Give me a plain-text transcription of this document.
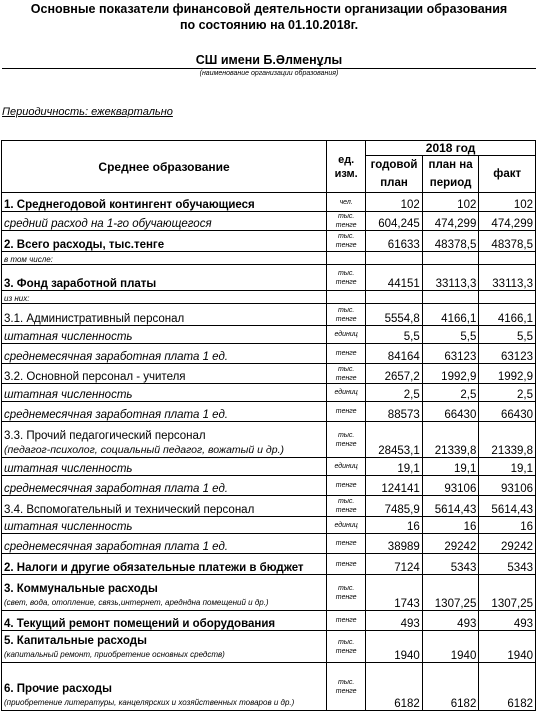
Основные показатели финансовой деятельности организации образования
по состоянию на 01.10.2018г.
СШ имени Б.Әлменұлы
(наименование организации образования)
Периодичность: ежеквартально
Среднее образование	ед. изм.	2018 год		
		годовой план	план на период	факт
1. Среднегодовой контингент обучающиеся	чел.	102	102	102
средний расход на 1-го обучающегося	тыс. тенге	604,245	474,299	474,299
2. Всего расходы, тыс.тенге	тыс. тенге	61633	48378,5	48378,5
в том числе:				
3. Фонд заработной платы	тыс. тенге	44151	33113,3	33113,3
из них:				
3.1. Административный персонал	тыс. тенге	5554,8	4166,1	4166,1
штатная численность	единиц	5,5	5,5	5,5
среднемесячная заработная плата 1 ед.	тенге	84164	63123	63123
3.2. Основной персонал - учителя	тыс. тенге	2657,2	1992,9	1992,9
штатная численность	единиц	2,5	2,5	2,5
среднемесячная заработная плата 1 ед.	тенге	88573	66430	66430

3.3. Прочий педагогический персонал
(педагог-психолог, социальный педагог, вожатый и др.)	тыс. тенге	28453,1	21339,8	21339,8
штатная численность	единиц	19,1	19,1	19,1
среднемесячная заработная плата 1 ед.	тенге	124141	93106	93106
3.4. Вспомогательный и технический персонал	тыс. тенге	7485,9	5614,43	5614,43
штатная численность	единиц	16	16	16
среднемесячная заработная плата 1 ед.	тенге	38989	29242	29242
2. Налоги и другие обязательные платежи в бюджет	тенге	7124	5343	5343

3. Коммунальные расходы
(свет, вода, отопление, связь,интернет, аредндна помещений и др.)	тыс. тенге	1743	1307,25	1307,25
4. Текущий ремонт помещений и оборудования	тенге	493	493	493

5. Капитальные расходы
(капитальный ремонт, приобретение основных средств)	тыс. тенге	1940	1940	1940

6. Прочие расходы
(приобретение литературы, канцелярских и хозяйственных товаров и др.)	тыс. тенге	6182	6182	6182
